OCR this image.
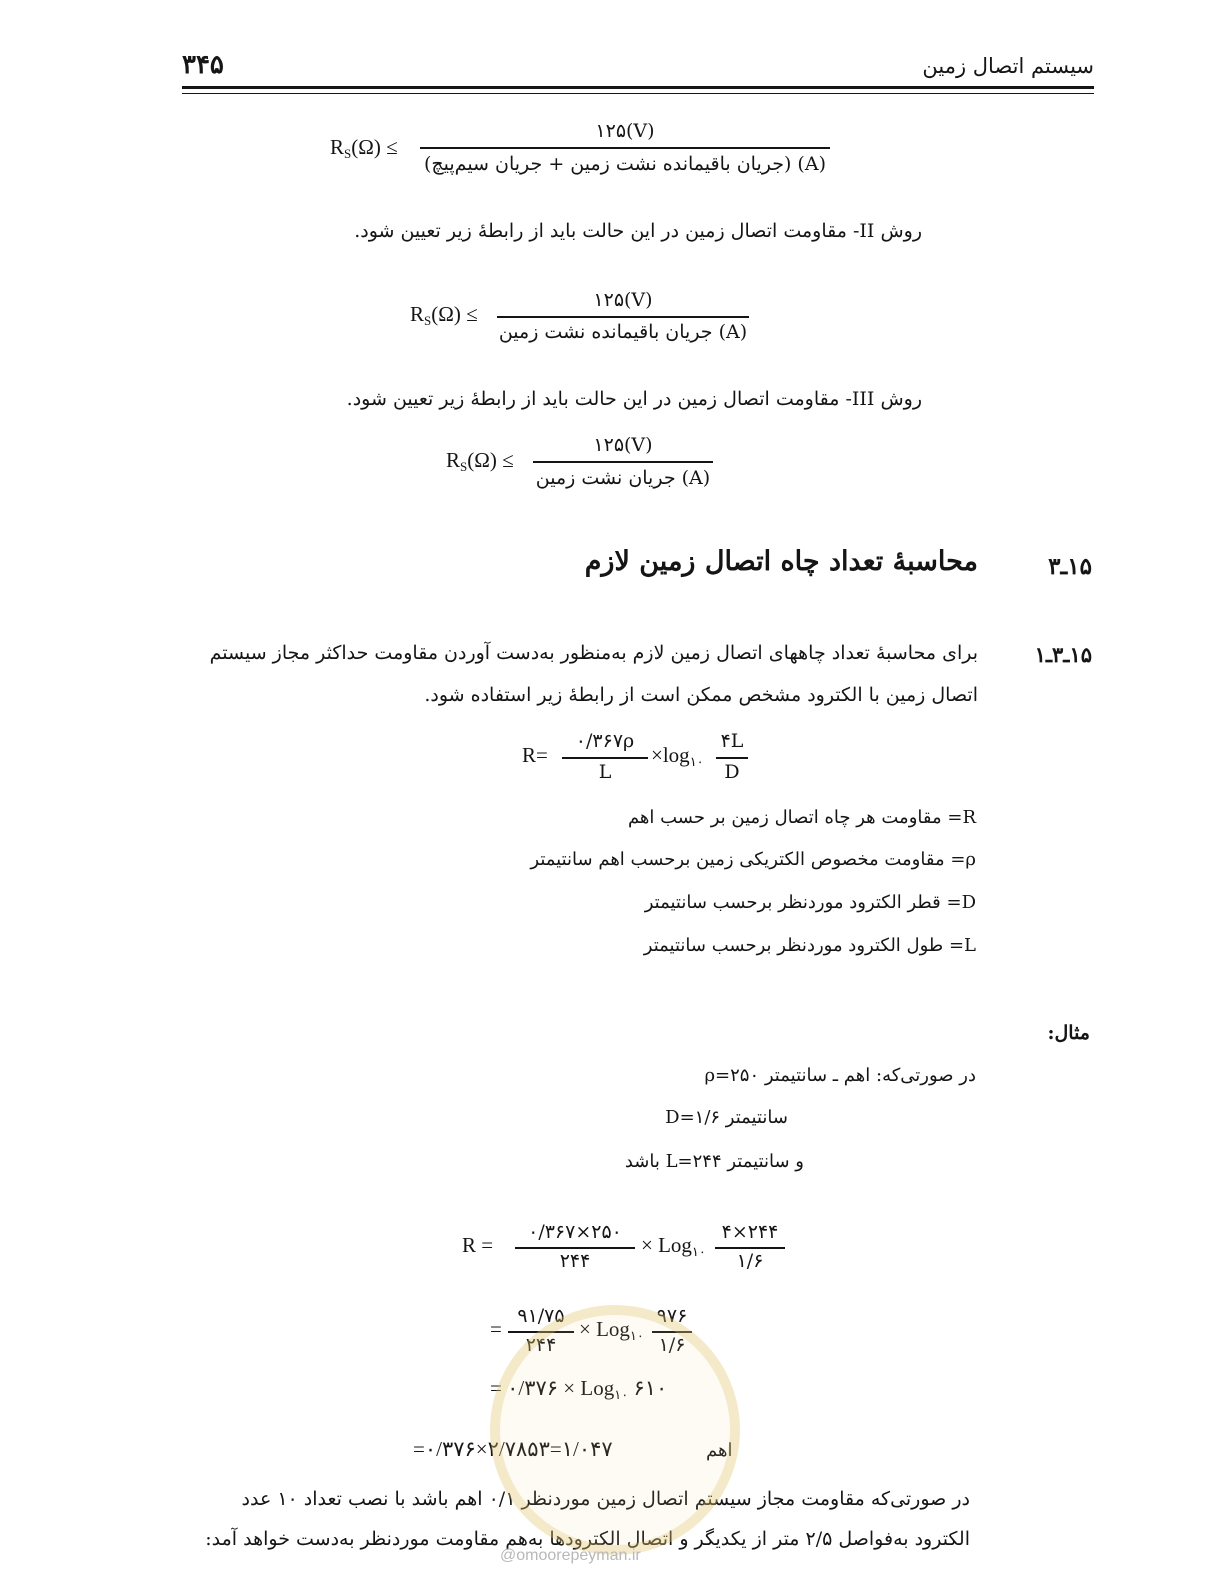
۳۴۵	سیستم اتصال زمین
$R_S(\Omega)$ ≤
۱۲۵(V)
(A) (جریان باقیمانده نشت زمین + جریان سیم‌پیچ)
روش II- مقاومت اتصال زمین در این حالت باید از رابطهٔ زیر تعیین شود.
$R_S(\Omega)$ ≤
۱۲۵(V)
(A) جریان باقیمانده نشت زمین
روش III- مقاومت اتصال زمین در این حالت باید از رابطهٔ زیر تعیین شود.
$R_S(\Omega)$ ≤
۱۲۵(V)
(A) جریان نشت زمین
۱۵ـ۳
محاسبهٔ تعداد چاه اتصال زمین لازم
۱۵ـ۳ـ۱
برای محاسبهٔ تعداد چاههای اتصال زمین لازم به‌منظور به‌دست آوردن مقاومت حداکثر مجاز سیستم
اتصال زمین با الکترود مشخص ممکن است از رابطهٔ زیر استفاده شود.
R=
۰/۳۶۷ρ
L
$\times\log_{۱۰}$
۴L
D
R= مقاومت هر چاه اتصال زمین بر حسب اهم
ρ= مقاومت مخصوص الکتریکی زمین برحسب اهم سانتیمتر
D= قطر الکترود موردنظر برحسب سانتیمتر
L= طول الکترود موردنظر برحسب سانتیمتر
مثال:
در صورتی‌که: اهم ـ سانتیمتر ۲۵۰=ρ
سانتیمتر ۱/۶=D
و سانتیمتر ۲۴۴=L باشد
R =
۰/۳۶۷×۲۵۰
۲۴۴
× Log$_{۱۰}$
۴×۲۴۴
۱/۶
=
۹۱/۷۵
۲۴۴
× Log$_{۱۰}$
۹۷۶
۱/۶
= ۰/۳۷۶ × Log$_{۱۰}$ ۶۱۰
=۰/۳۷۶×۲/۷۸۵۳=۱/۰۴۷	اهم
در صورتی‌که مقاومت مجاز سیستم اتصال زمین موردنظر ۰/۱ اهم باشد با نصب تعداد ۱۰ عدد
الکترود به‌فواصل ۲/۵ متر از یکدیگر و اتصال الکترودها به‌هم مقاومت موردنظر به‌دست خواهد آمد:
@omoorepeyman.ir
